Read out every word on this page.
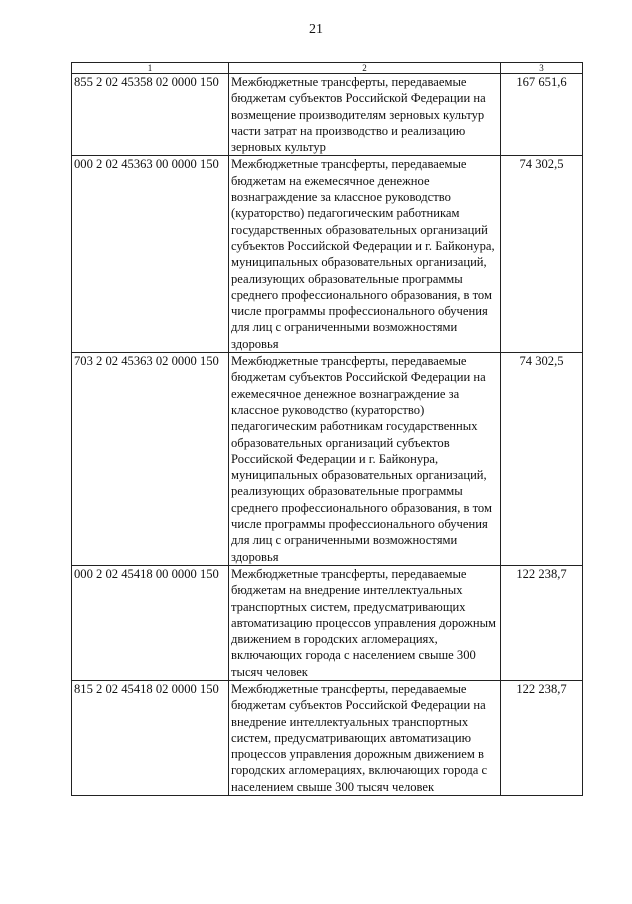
21
1	2	3
855 2 02 45358 02 0000 150	Межбюджетные трансферты, передаваемые бюджетам субъектов Российской Федерации на возмещение производителям зерновых культур части затрат на производство и реализацию зерновых культур	167 651,6
000 2 02 45363 00 0000 150	Межбюджетные трансферты, передаваемые бюджетам на ежемесячное денежное вознаграждение за классное руководство (кураторство) педагогическим работникам государственных образовательных организаций субъектов Российской Федерации и г. Байконура, муниципальных образовательных организаций, реализующих образовательные программы среднего профессионального образования, в том числе программы профессионального обучения для лиц с ограниченными возможностями здоровья	74 302,5
703 2 02 45363 02 0000 150	Межбюджетные трансферты, передаваемые бюджетам субъектов Российской Федерации на ежемесячное денежное вознаграждение за классное руководство (кураторство) педагогическим работникам государственных образовательных организаций субъектов Российской Федерации и г. Байконура, муниципальных образовательных организаций, реализующих образовательные программы среднего профессионального образования, в том числе программы профессионального обучения для лиц с ограниченными возможностями здоровья	74 302,5
000 2 02 45418 00 0000 150	Межбюджетные трансферты, передаваемые бюджетам на внедрение интеллектуальных транспортных систем, предусматривающих автоматизацию процессов управления дорожным движением в городских агломерациях, включающих города с населением свыше 300 тысяч человек	122 238,7
815 2 02 45418 02 0000 150	Межбюджетные трансферты, передаваемые бюджетам субъектов Российской Федерации на внедрение интеллектуальных транспортных систем, предусматривающих автоматизацию процессов управления дорожным движением в городских агломерациях, включающих города с населением свыше 300 тысяч человек	122 238,7
